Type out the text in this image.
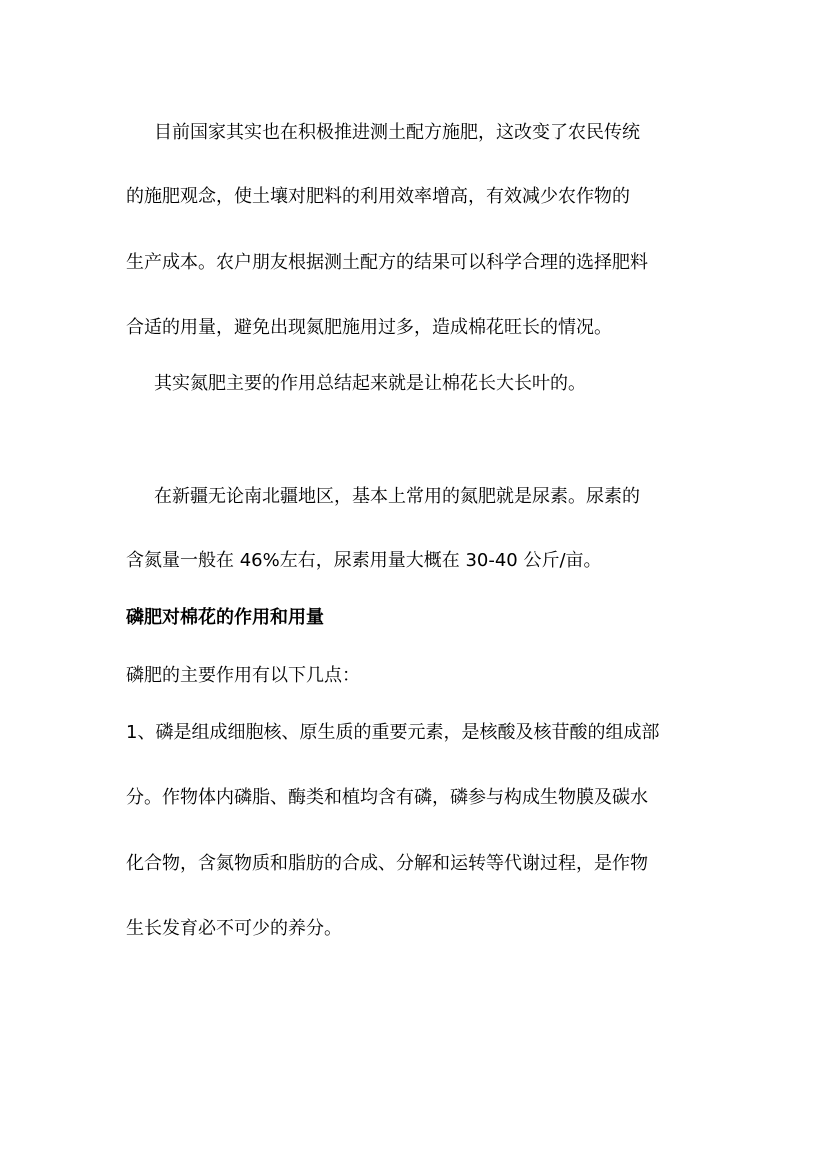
目前国家其实也在积极推进测土配方施肥，这改变了农民传统

的施肥观念，使土壤对肥料的利用效率增高，有效减少农作物的

生产成本。农户朋友根据测土配方的结果可以科学合理的选择肥料

合适的用量，避免出现氮肥施用过多，造成棉花旺长的情况。

其实氮肥主要的作用总结起来就是让棉花长大长叶的。

在新疆无论南北疆地区，基本上常用的氮肥就是尿素。尿素的

含氮量一般在 46%左右，尿素用量大概在 30-40 公斤/亩。

磷肥对棉花的作用和用量

磷肥的主要作用有以下几点：

1、磷是组成细胞核、原生质的重要元素，是核酸及核苷酸的组成部

分。作物体内磷脂、酶类和植均含有磷，磷参与构成生物膜及碳水

化合物，含氮物质和脂肪的合成、分解和运转等代谢过程，是作物

生长发育必不可少的养分。
